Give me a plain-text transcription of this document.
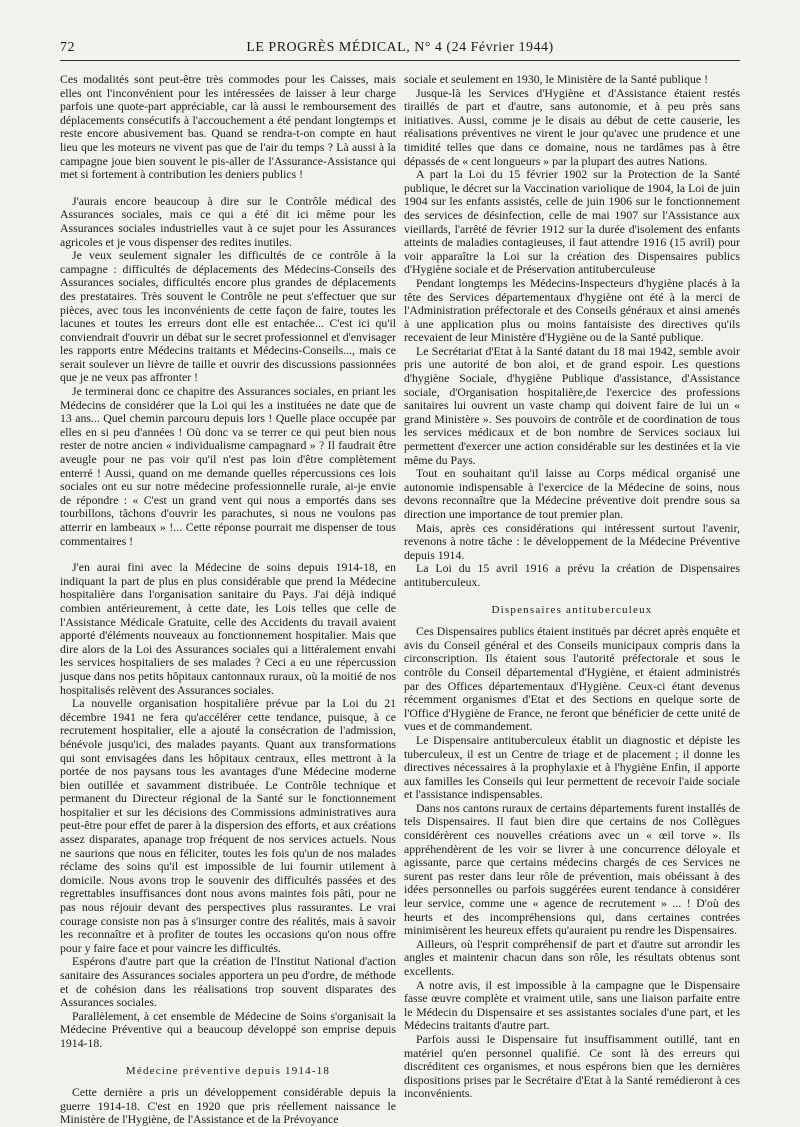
72	LE PROGRÈS MÉDICAL, N° 4 (24 Février 1944)

Ces modalités sont peut-être très commodes pour les Caisses, mais elles ont l'inconvénient pour les intéressées de laisser à leur charge parfois une quote-part appréciable, car là aussi le remboursement des déplacements consécutifs à l'accouchement a été pendant longtemps et reste encore abusivement bas. Quand se rendra-t-on compte en haut lieu que les moteurs ne vivent pas que de l'air du temps ? Là aussi à la campagne joue bien souvent le pis-aller de l'Assurance-Assistance qui met si fortement à contribution les deniers publics !

J'aurais encore beaucoup à dire sur le Contrôle médical des Assurances sociales, mais ce qui a été dit ici même pour les Assurances sociales industrielles vaut à ce sujet pour les Assurances agricoles et je vous dispenser des redites inutiles.

Je veux seulement signaler les difficultés de ce contrôle à la campagne : difficultés de déplacements des Médecins-Conseils des Assurances sociales, difficultés encore plus grandes de déplacements des prestataires. Très souvent le Contrôle ne peut s'effectuer que sur pièces, avec tous les inconvénients de cette façon de faire, toutes les lacunes et toutes les erreurs dont elle est entachée... C'est ici qu'il conviendrait d'ouvrir un débat sur le secret professionnel et d'envisager les rapports entre Médecins traitants et Médecins-Conseils..., mais ce serait soulever un lièvre de taille et ouvrir des discussions passionnées que je ne veux pas affronter !

Je terminerai donc ce chapitre des Assurances sociales, en priant les Médecins de considérer que la Loi qui les a instituées ne date que de 13 ans... Quel chemin parcouru depuis lors ! Quelle place occupée par elles en si peu d'années ! Où donc va se terrer ce qui peut bien nous rester de notre ancien « individualisme campagnard » ? Il faudrait être aveugle pour ne pas voir qu'il n'est pas loin d'être complètement enterré ! Aussi, quand on me demande quelles répercussions ces lois sociales ont eu sur notre médecine professionnelle rurale, ai-je envie de répondre : « C'est un grand vent qui nous a emportés dans ses tourbillons, tâchons d'ouvrir les parachutes, si nous ne voulons pas atterrir en lambeaux » !... Cette réponse pourrait me dispenser de tous commentaires !

J'en aurai fini avec la Médecine de soins depuis 1914-18, en indiquant la part de plus en plus considérable que prend la Médecine hospitalière dans l'organisation sanitaire du Pays. J'ai déjà indiqué combien antérieurement, à cette date, les Lois telles que celle de l'Assistance Médicale Gratuite, celle des Accidents du travail avaient apporté d'éléments nouveaux au fonctionnement hospitalier. Mais que dire alors de la Loi des Assurances sociales qui a littéralement envahi les services hospitaliers de ses malades ? Ceci a eu une répercussion jusque dans nos petits hôpitaux cantonnaux ruraux, où la moitié de nos hospitalisés relèvent des Assurances sociales.

La nouvelle organisation hospitalière prévue par la Loi du 21 décembre 1941 ne fera qu'accélérer cette tendance, puisque, à ce recrutement hospitalier, elle a ajouté la consécration de l'admission, bénévole jusqu'ici, des malades payants. Quant aux transformations qui sont envisagées dans les hôpitaux centraux, elles mettront à la portée de nos paysans tous les avantages d'une Médecine moderne bien outillée et savamment distribuée. Le Contrôle technique et permanent du Directeur régional de la Santé sur le fonctionnement hospitalier et sur les décisions des Commissions administratives aura peut-être pour effet de parer à la dispersion des efforts, et aux créations assez disparates, apanage trop fréquent de nos services actuels. Nous ne saurions que nous en féliciter, toutes les fois qu'un de nos malades réclame des soins qu'il est impossible de lui fournir utilement à domicile. Nous avons trop le souvenir des difficultés passées et des regrettables insuffisances dont nous avons maintes fois pâti, pour ne pas nous réjouir devant des perspectives plus rassurantes. Le vrai courage consiste non pas à s'insurger contre des réalités, mais à savoir les reconnaître et à profiter de toutes les occasions qu'on nous offre pour y faire face et pour vaincre les difficultés.

Espérons d'autre part que la création de l'Institut National d'action sanitaire des Assurances sociales apportera un peu d'ordre, de méthode et de cohésion dans les réalisations trop souvent disparates des Assurances sociales.

Parallèlement, à cet ensemble de Médecine de Soins s'organisait la Médecine Préventive qui a beaucoup développé son emprise depuis 1914-18.

Médecine préventive depuis 1914-18

Cette dernière a pris un développement considérable depuis la guerre 1914-18. C'est en 1920 que pris réellement naissance le Ministère de l'Hygiène, de l'Assistance et de la Prévoyance

sociale et seulement en 1930, le Ministère de la Santé publique !

Jusque-là les Services d'Hygiène et d'Assistance étaient restés tiraillés de part et d'autre, sans autonomie, et à peu près sans initiatives. Aussi, comme je le disais au début de cette causerie, les réalisations préventives ne virent le jour qu'avec une prudence et une timidité telles que dans ce domaine, nous ne tardâmes pas à être dépassés de « cent longueurs » par la plupart des autres Nations.

A part la Loi du 15 février 1902 sur la Protection de la Santé publique, le décret sur la Vaccination variolique de 1904, la Loi de juin 1904 sur les enfants assistés, celle de juin 1906 sur le fonctionnement des services de désinfection, celle de mai 1907 sur l'Assistance aux vieillards, l'arrêté de février 1912 sur la durée d'isolement des enfants atteints de maladies contagieuses, il faut attendre 1916 (15 avril) pour voir apparaître la Loi sur la création des Dispensaires publics d'Hygiène sociale et de Préservation antituberculeuse

Pendant longtemps les Médecins-Inspecteurs d'hygiène placés à la tête des Services départementaux d'hygiène ont été à la merci de l'Administration préfectorale et des Conseils généraux et ainsi amenés à une application plus ou moins fantaisiste des directives qu'ils recevaient de leur Ministère d'Hygiène ou de la Santé publique.

Le Secrétariat d'Etat à la Santé datant du 18 mai 1942, semble avoir pris une autorité de bon aloi, et de grand espoir. Les questions d'hygiène Sociale, d'hygiène Publique d'assistance, d'Assistance sociale, d'Organisation hospitalière,de l'exercice des professions sanitaires lui ouvrent un vaste champ qui doivent faire de lui un « grand Ministère ». Ses pouvoirs de contrôle et de coordination de tous les services médicaux et de bon nombre de Services sociaux lui permettent d'exercer une action considérable sur les destinées et la vie même du Pays.

Tout en souhaitant qu'il laisse au Corps médical organisé une autonomie indispensable à l'exercice de la Médecine de soins, nous devons reconnaître que la Médecine préventive doit prendre sous sa direction une importance de tout premier plan.

Mais, après ces considérations qui intéressent surtout l'avenir, revenons à notre tâche : le développement de la Médecine Préventive depuis 1914.

La Loi du 15 avril 1916 a prévu la création de Dispensaires antituberculeux.

Dispensaires antituberculeux

Ces Dispensaires publics étaient institués par décret après enquête et avis du Conseil général et des Conseils municipaux compris dans la circonscription. Ils étaient sous l'autorité préfectorale et sous le contrôle du Conseil départemental d'Hygiène, et étaient administrés par des Offices départementaux d'Hygiène. Ceux-ci étant devenus récemment organismes d'Etat et des Sections en quelque sorte de l'Office d'Hygiène de France, ne feront que bénéficier de cette unité de vues et de commandement.

Le Dispensaire antituberculeux établit un diagnostic et dépiste les tuberculeux, il est un Centre de triage et de placement ; il donne les directives nécessaires à la prophylaxie et à l'hygiène Enfin, il apporte aux familles les Conseils qui leur permettent de recevoir l'aide sociale et l'assistance indispensables.

Dans nos cantons ruraux de certains départements furent installés de tels Dispensaires. Il faut bien dire que certains de nos Collègues considérèrent ces nouvelles créations avec un « œil torve ». Ils appréhendèrent de les voir se livrer à une concurrence déloyale et agissante, parce que certains médecins chargés de ces Services ne surent pas rester dans leur rôle de prévention, mais obéissant à des idées personnelles ou parfois suggérées eurent tendance à considérer leur service, comme une « agence de recrutement » ... ! D'où des heurts et des incompréhensions qui, dans certaines contrées minimisèrent les heureux effets qu'auraient pu rendre les Dispensaires.

Ailleurs, où l'esprit compréhensif de part et d'autre sut arrondir les angles et maintenir chacun dans son rôle, les résultats obtenus sont excellents.

A notre avis, il est impossible à la campagne que le Dispensaire fasse œuvre complète et vraiment utile, sans une liaison parfaite entre le Médecin du Dispensaire et ses assistantes sociales d'une part, et les Médecins traitants d'autre part.

Parfois aussi le Dispensaire fut insuffisamment outillé, tant en matériel qu'en personnel qualifié. Ce sont là des erreurs qui discréditent ces organismes, et nous espérons bien que les dernières dispositions prises par le Secrétaire d'Etat à la Santé remédieront à ces inconvénients.
